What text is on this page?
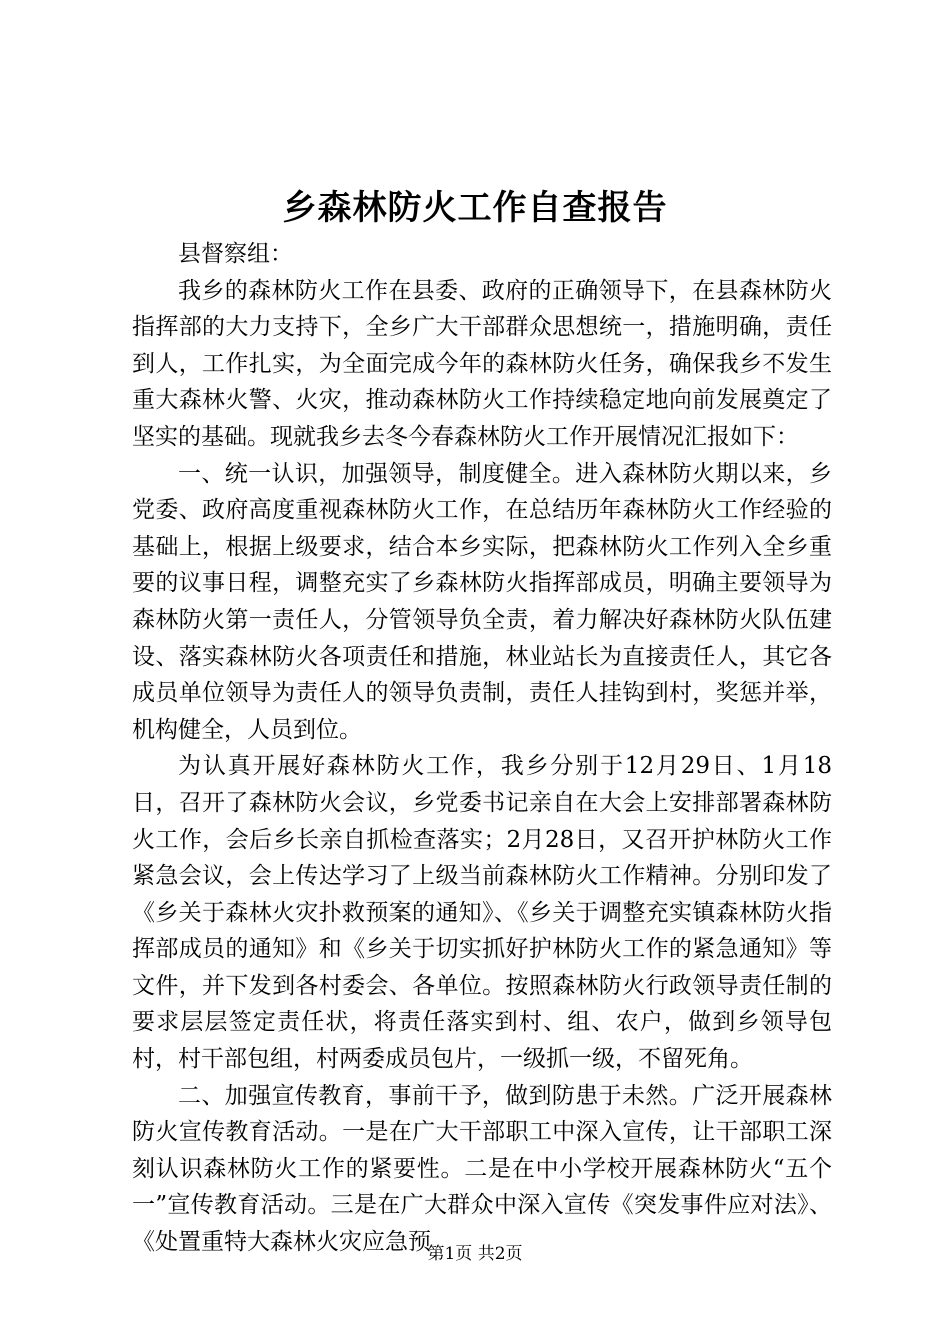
乡森林防火工作自查报告

县督察组：

我乡的森林防火工作在县委、政府的正确领导下，在县森林防火指挥部的大力支持下，全乡广大干部群众思想统一，措施明确，责任到人，工作扎实，为全面完成今年的森林防火任务，确保我乡不发生重大森林火警、火灾，推动森林防火工作持续稳定地向前发展奠定了坚实的基础。现就我乡去冬今春森林防火工作开展情况汇报如下：

一、统一认识，加强领导，制度健全。进入森林防火期以来，乡党委、政府高度重视森林防火工作，在总结历年森林防火工作经验的基础上，根据上级要求，结合本乡实际，把森林防火工作列入全乡重要的议事日程，调整充实了乡森林防火指挥部成员，明确主要领导为森林防火第一责任人，分管领导负全责，着力解决好森林防火队伍建设、落实森林防火各项责任和措施，林业站长为直接责任人，其它各成员单位领导为责任人的领导负责制，责任人挂钩到村，奖惩并举，机构健全，人员到位。

为认真开展好森林防火工作，我乡分别于12月29日、1月18日，召开了森林防火会议，乡党委书记亲自在大会上安排部署森林防火工作，会后乡长亲自抓检查落实；2月28日，又召开护林防火工作紧急会议，会上传达学习了上级当前森林防火工作精神。分别印发了《乡关于森林火灾扑救预案的通知》、《乡关于调整充实镇森林防火指挥部成员的通知》和《乡关于切实抓好护林防火工作的紧急通知》等文件，并下发到各村委会、各单位。按照森林防火行政领导责任制的要求层层签定责任状，将责任落实到村、组、农户，做到乡领导包村，村干部包组，村两委成员包片，一级抓一级，不留死角。

二、加强宣传教育，事前干予，做到防患于未然。广泛开展森林防火宣传教育活动。一是在广大干部职工中深入宣传，让干部职工深刻认识森林防火工作的紧要性。二是在中小学校开展森林防火“五个一”宣传教育活动。三是在广大群众中深入宣传《突发事件应对法》、《处置重特大森林火灾应急预

第1页 共2页
